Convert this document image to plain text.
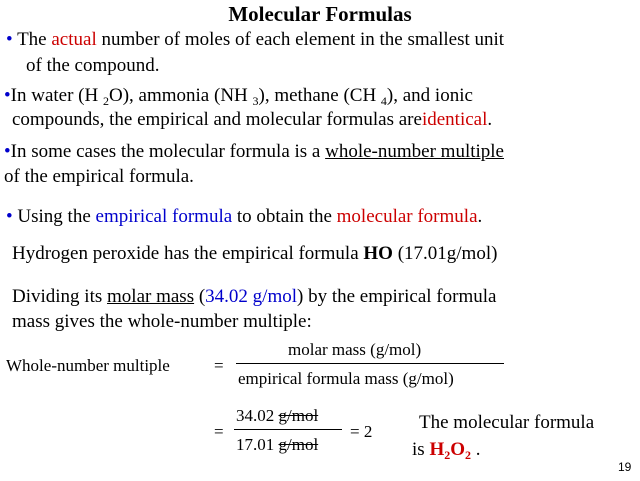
Molecular Formulas
• The actual number of moles of each element in the smallest unit
of the compound.
•In water (H $_2$O), ammonia (NH $_3$), methane (CH $_4$), and ionic
compounds, the empirical and molecular formulas areidentical.
•In some cases the molecular formula is a whole-number multiple
of the empirical formula.
• Using the empirical formula to obtain the molecular formula.
Hydrogen peroxide has the empirical formula HO (17.01g/mol)
Dividing its molar mass (34.02 g/mol) by the empirical formula
mass gives the whole-number multiple:
Whole-number multiple	=
molar mass (g/mol)
empirical formula mass (g/mol)
=
34.02 g/mol
17.01 g/mol
= 2 The molecular formula
is $H_2O_2$ .
19
